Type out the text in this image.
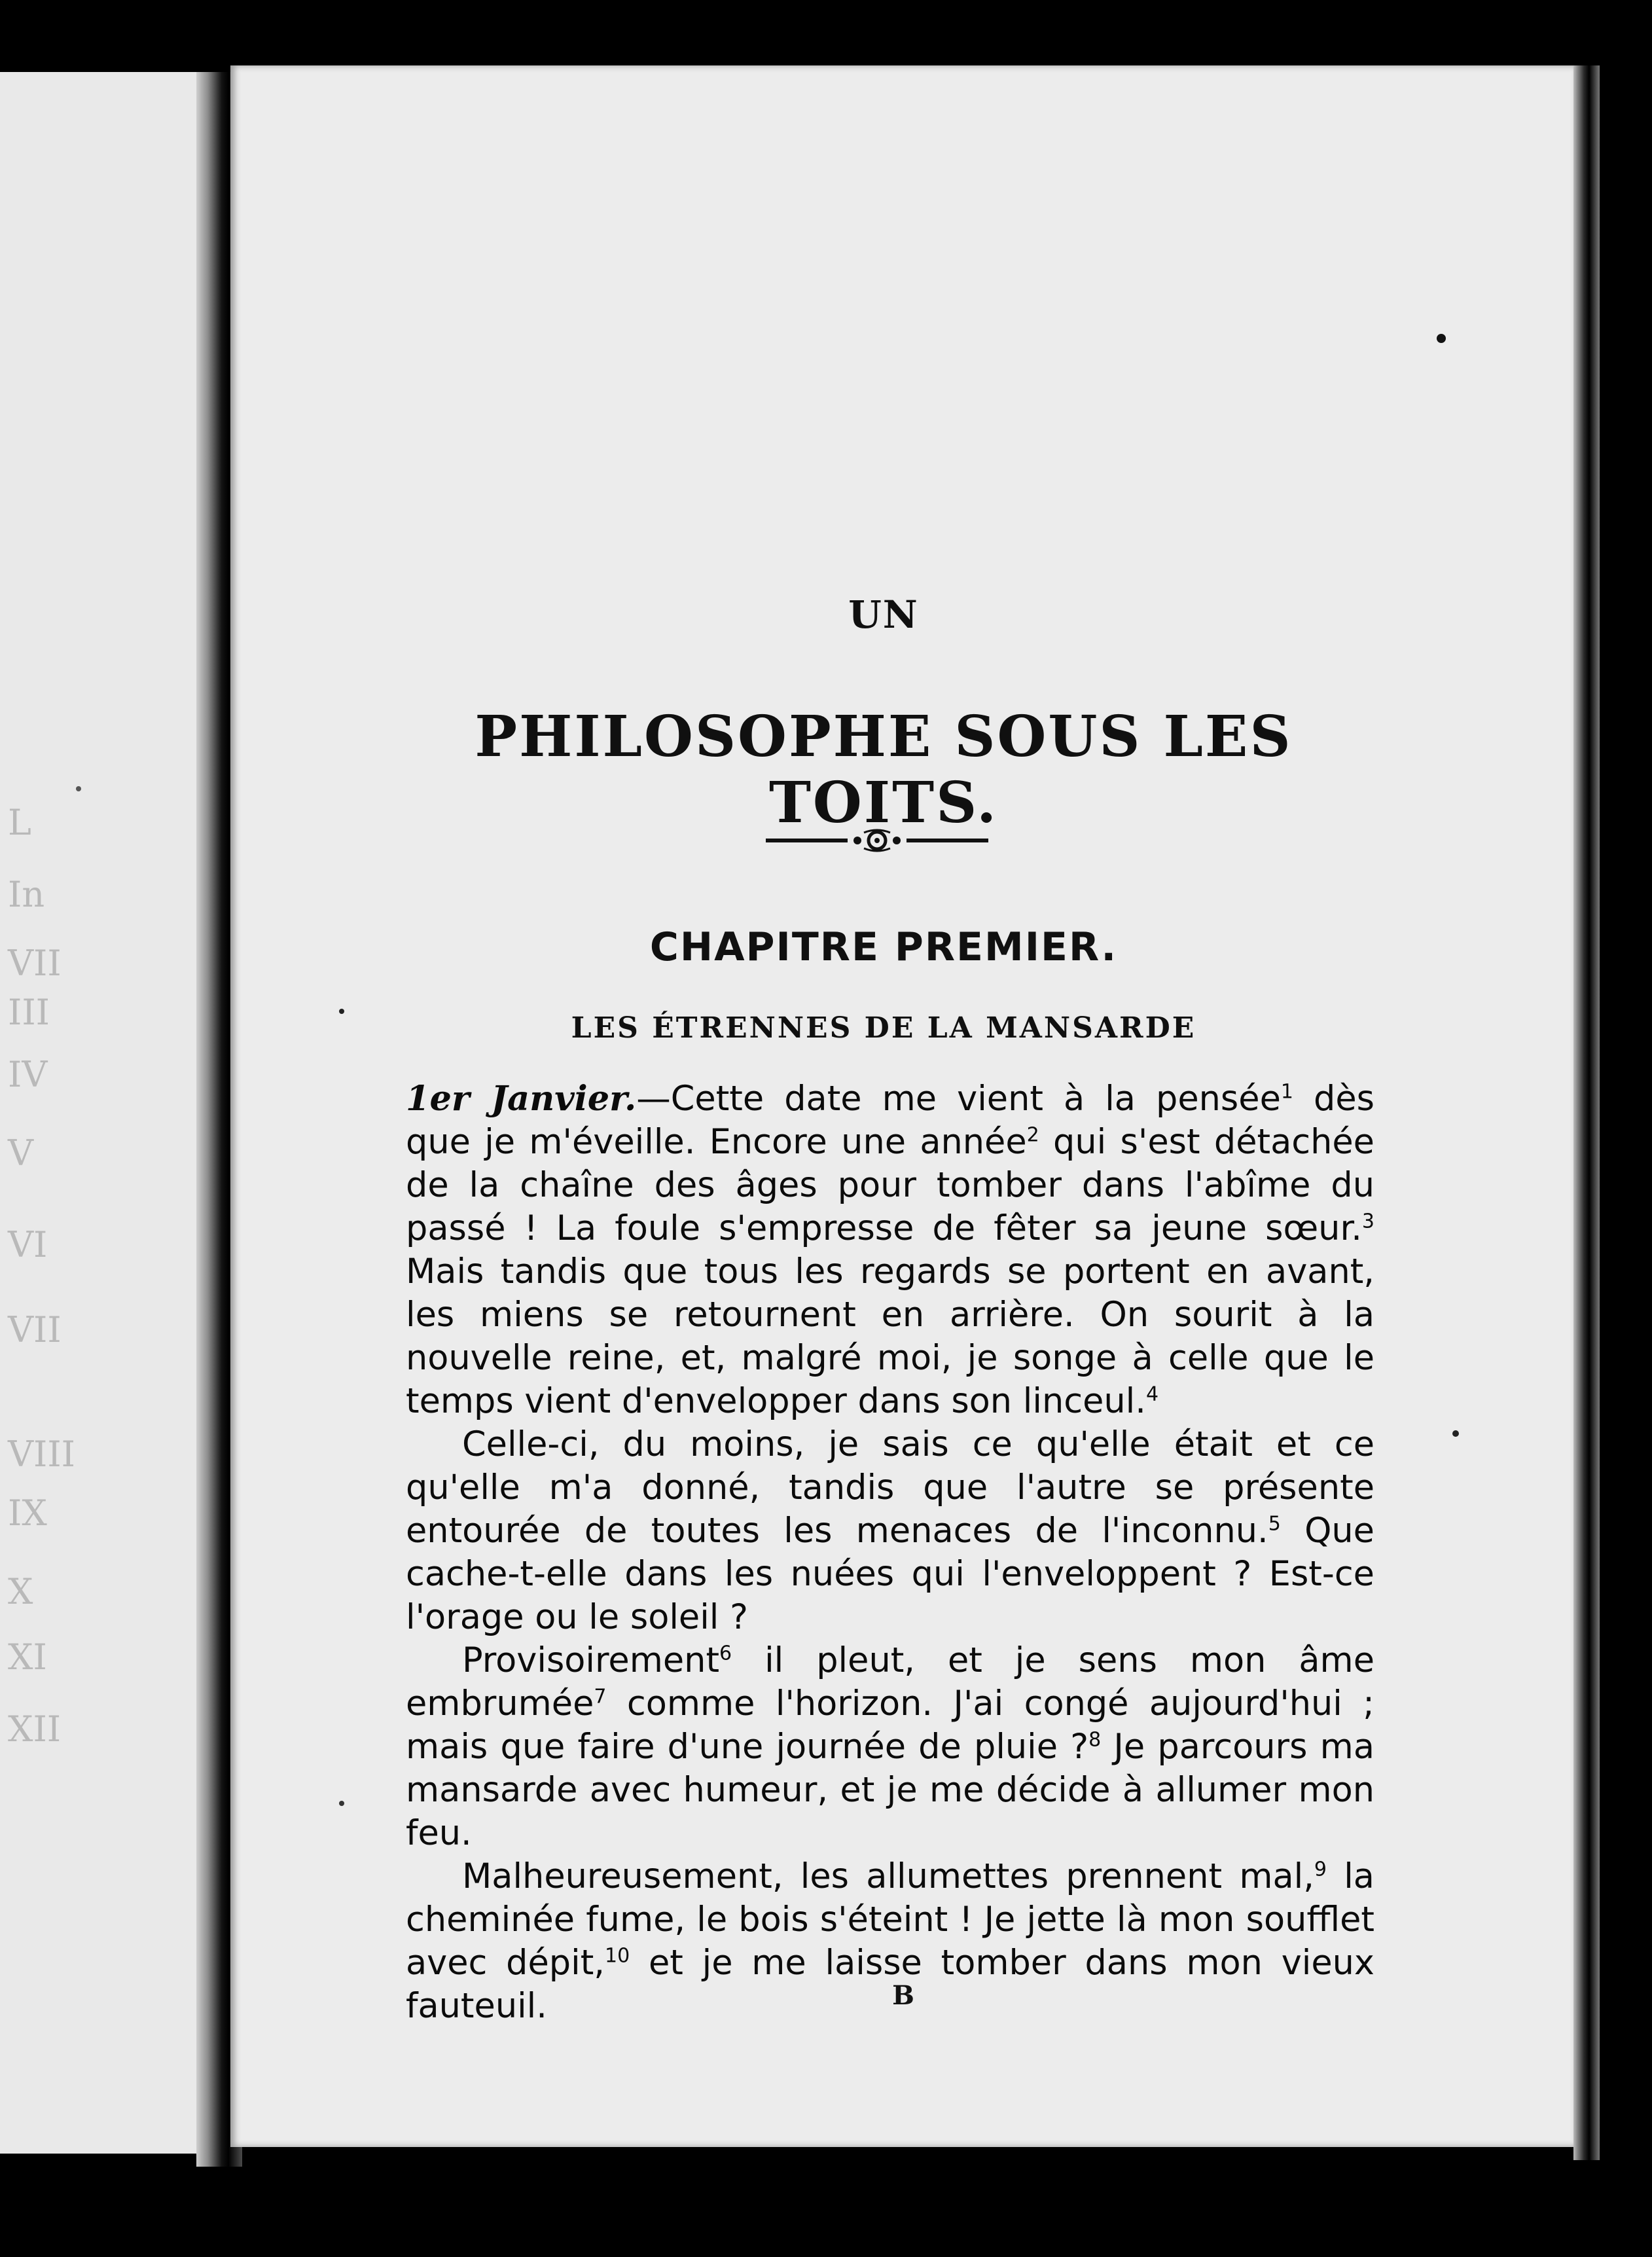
L
In
VII
III
IV
V
VI
VII
VIII
IX
X
XI
XII
UN
PHILOSOPHE SOUS LES TOITS.
CHAPITRE PREMIER.
LES ÉTRENNES DE LA MANSARDE

1er Janvier.—Cette date me vient à la pensée$^1$ dès que je m'éveille. Encore une année$^2$ qui s'est détachée de la chaîne des âges pour tomber dans l'abîme du passé ! La foule s'empresse de fêter sa jeune sœur.$^3$ Mais tandis que tous les regards se portent en avant, les miens se retournent en arrière. On sourit à la nouvelle reine, et, malgré moi, je songe à celle que le temps vient d'envelopper dans son linceul.$^4$

Celle-ci, du moins, je sais ce qu'elle était et ce qu'elle m'a donné, tandis que l'autre se présente entourée de toutes les menaces de l'inconnu.$^5$ Que cache-t-elle dans les nuées qui l'enveloppent ? Est-ce l'orage ou le soleil ?

Provisoirement$^6$ il pleut, et je sens mon âme embrumée$^7$ comme l'horizon. J'ai congé aujourd'hui ; mais que faire d'une journée de pluie ?$^8$ Je parcours ma mansarde avec humeur, et je me décide à allumer mon feu.

Malheureusement, les allumettes prennent mal,$^9$ la cheminée fume, le bois s'éteint ! Je jette là mon soufflet avec dépit,$^{10}$ et je me laisse tomber dans mon vieux fauteuil.	B
